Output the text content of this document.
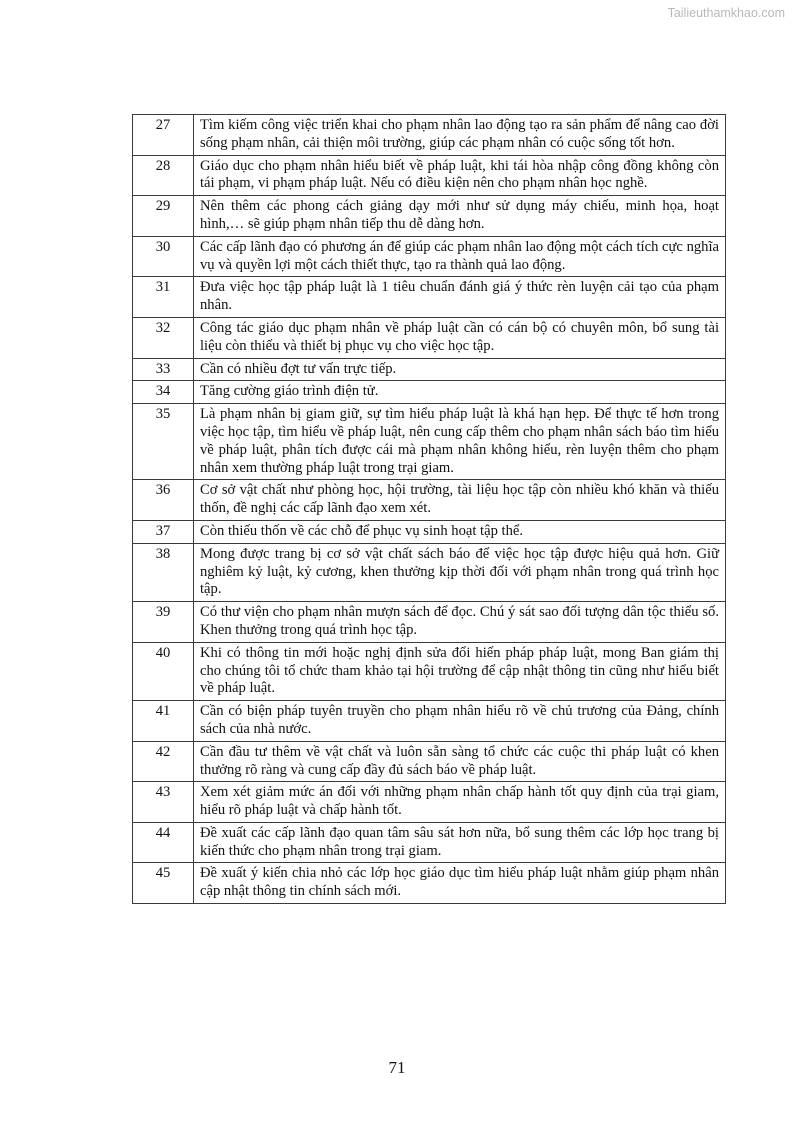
Tailieuthamkhao.com
27	Tìm kiếm công việc triển khai cho phạm nhân lao động tạo ra sản phẩm để nâng cao đời sống phạm nhân, cải thiện môi trường, giúp các phạm nhân có cuộc sống tốt hơn.
28	Giáo dục cho phạm nhân hiểu biết về pháp luật, khi tái hòa nhập công đồng không còn tái phạm, vi phạm pháp luật. Nếu có điều kiện nên cho phạm nhân học nghề.
29	Nên thêm các phong cách giảng dạy mới như sử dụng máy chiếu, minh họa, hoạt hình,… sẽ giúp phạm nhân tiếp thu dễ dàng hơn.
30	Các cấp lãnh đạo có phương án để giúp các phạm nhân lao động một cách tích cực nghĩa vụ và quyền lợi một cách thiết thực, tạo ra thành quả lao động.
31	Đưa việc học tập pháp luật là 1 tiêu chuẩn đánh giá ý thức rèn luyện cải tạo của phạm nhân.
32	Công tác giáo dục phạm nhân về pháp luật cần có cán bộ có chuyên môn, bổ sung tài liệu còn thiếu và thiết bị phục vụ cho việc học tập.
33	Cần có nhiều đợt tư vấn trực tiếp.
34	Tăng cường giáo trình điện tử.
35	Là phạm nhân bị giam giữ, sự tìm hiểu pháp luật là khá hạn hẹp. Để thực tế hơn trong việc học tập, tìm hiểu về pháp luật, nên cung cấp thêm cho phạm nhân sách báo tìm hiểu về pháp luật, phân tích được cái mà phạm nhân không hiểu, rèn luyện thêm cho phạm nhân xem thường pháp luật trong trại giam.
36	Cơ sở vật chất như phòng học, hội trường, tài liệu học tập còn nhiều khó khăn và thiếu thốn, đề nghị các cấp lãnh đạo xem xét.
37	Còn thiếu thốn về các chỗ để phục vụ sinh hoạt tập thể.
38	Mong được trang bị cơ sở vật chất sách báo để việc học tập được hiệu quả hơn. Giữ nghiêm kỷ luật, kỷ cương, khen thưởng kịp thời đối với phạm nhân trong quá trình học tập.
39	Có thư viện cho phạm nhân mượn sách để đọc. Chú ý sát sao đối tượng dân tộc thiểu số. Khen thưởng trong quá trình học tập.
40	Khi có thông tin mới hoặc nghị định sửa đổi hiến pháp pháp luật, mong Ban giám thị cho chúng tôi tổ chức tham khảo tại hội trường để cập nhật thông tin cũng như hiểu biết về pháp luật.
41	Cần có biện pháp tuyên truyền cho phạm nhân hiểu rõ về chủ trương của Đảng, chính sách của nhà nước.
42	Cần đầu tư thêm về vật chất và luôn sẵn sàng tổ chức các cuộc thi pháp luật có khen thưởng rõ ràng và cung cấp đầy đủ sách báo về pháp luật.
43	Xem xét giảm mức án đối với những phạm nhân chấp hành tốt quy định của trại giam, hiểu rõ pháp luật và chấp hành tốt.
44	Đề xuất các cấp lãnh đạo quan tâm sâu sát hơn nữa, bổ sung thêm các lớp học trang bị kiến thức cho phạm nhân trong trại giam.
45	Đề xuất ý kiến chia nhỏ các lớp học giáo dục tìm hiểu pháp luật nhằm giúp phạm nhân cập nhật thông tin chính sách mới.
71
